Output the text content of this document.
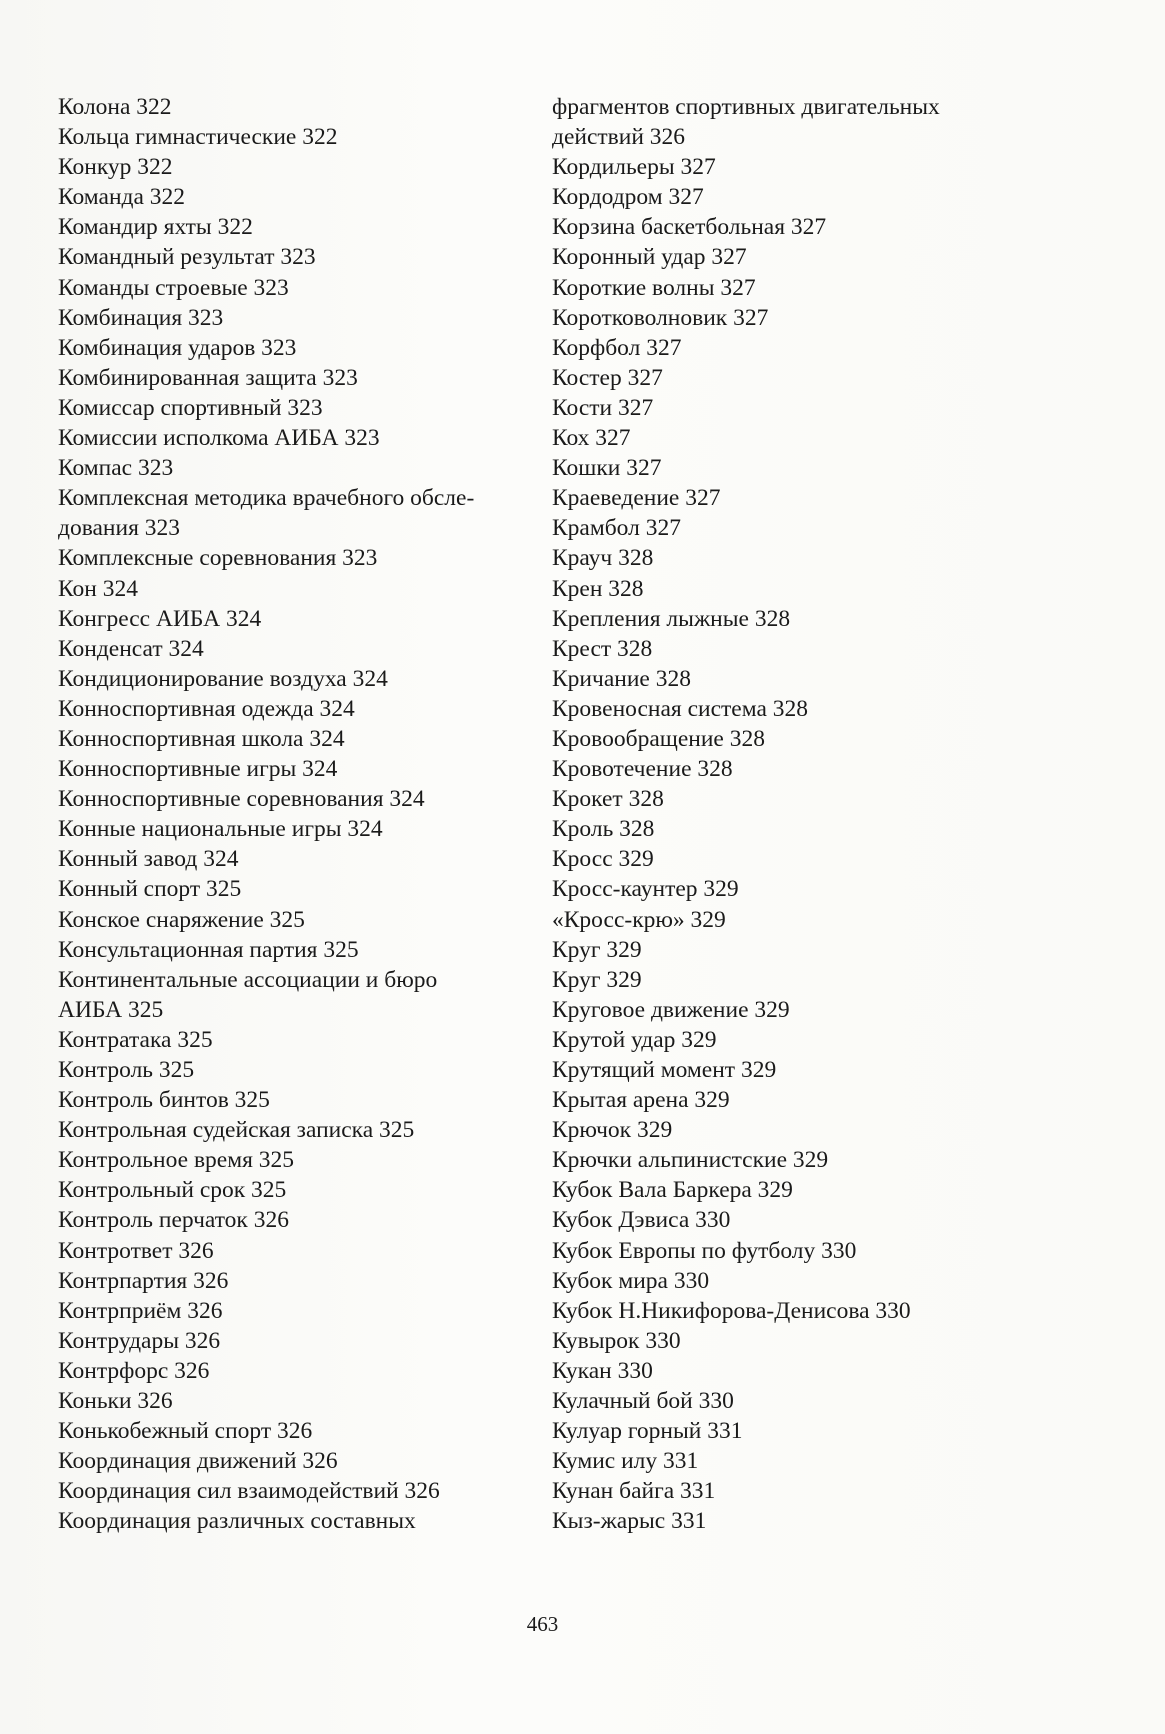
Колона 322
Кольца гимнастические 322
Конкур 322
Команда 322
Командир яхты 322
Командный результат 323
Команды строевые 323
Комбинация 323
Комбинация ударов 323
Комбинированная защита 323
Комиссар спортивный 323
Комиссии исполкома АИБА 323
Компас 323
Комплексная методика врачебного обсле-
дования 323
Комплексные соревнования 323
Кон 324
Конгресс АИБА 324
Конденсат 324
Кондиционирование воздуха 324
Конноспортивная одежда 324
Конноспортивная школа 324
Конноспортивные игры 324
Конноспортивные соревнования 324
Конные национальные игры 324
Конный завод 324
Конный спорт 325
Конское снаряжение 325
Консультационная партия 325
Континентальные ассоциации и бюро
АИБА 325
Контратака 325
Контроль 325
Контроль бинтов 325
Контрольная судейская записка 325
Контрольное время 325
Контрольный срок 325
Контроль перчаток 326
Контрответ 326
Контрпартия 326
Контрприём 326
Контрудары 326
Контрфорс 326
Коньки 326
Конькобежный спорт 326
Координация движений 326
Координация сил взаимодействий 326
Координация различных составных
фрагментов спортивных двигательных
действий 326
Кордильеры 327
Кордодром 327
Корзина баскетбольная 327
Коронный удар 327
Короткие волны 327
Коротковолновик 327
Корфбол 327
Костер 327
Кости 327
Кох 327
Кошки 327
Краеведение 327
Крамбол 327
Крауч 328
Крен 328
Крепления лыжные 328
Крест 328
Кричание 328
Кровеносная система 328
Кровообращение 328
Кровотечение 328
Крокет 328
Кроль 328
Кросс 329
Кросс-каунтер 329
«Кросс-крю» 329
Круг 329
Круг 329
Круговое движение 329
Крутой удар 329
Крутящий момент 329
Крытая арена 329
Крючок 329
Крючки альпинистские 329
Кубок Вала Баркера 329
Кубок Дэвиса 330
Кубок Европы по футболу 330
Кубок мира 330
Кубок Н.Никифорова-Денисова 330
Кувырок 330
Кукан 330
Кулачный бой 330
Кулуар горный 331
Кумис илу 331
Кунан байга 331
Кыз-жарыс 331
463
